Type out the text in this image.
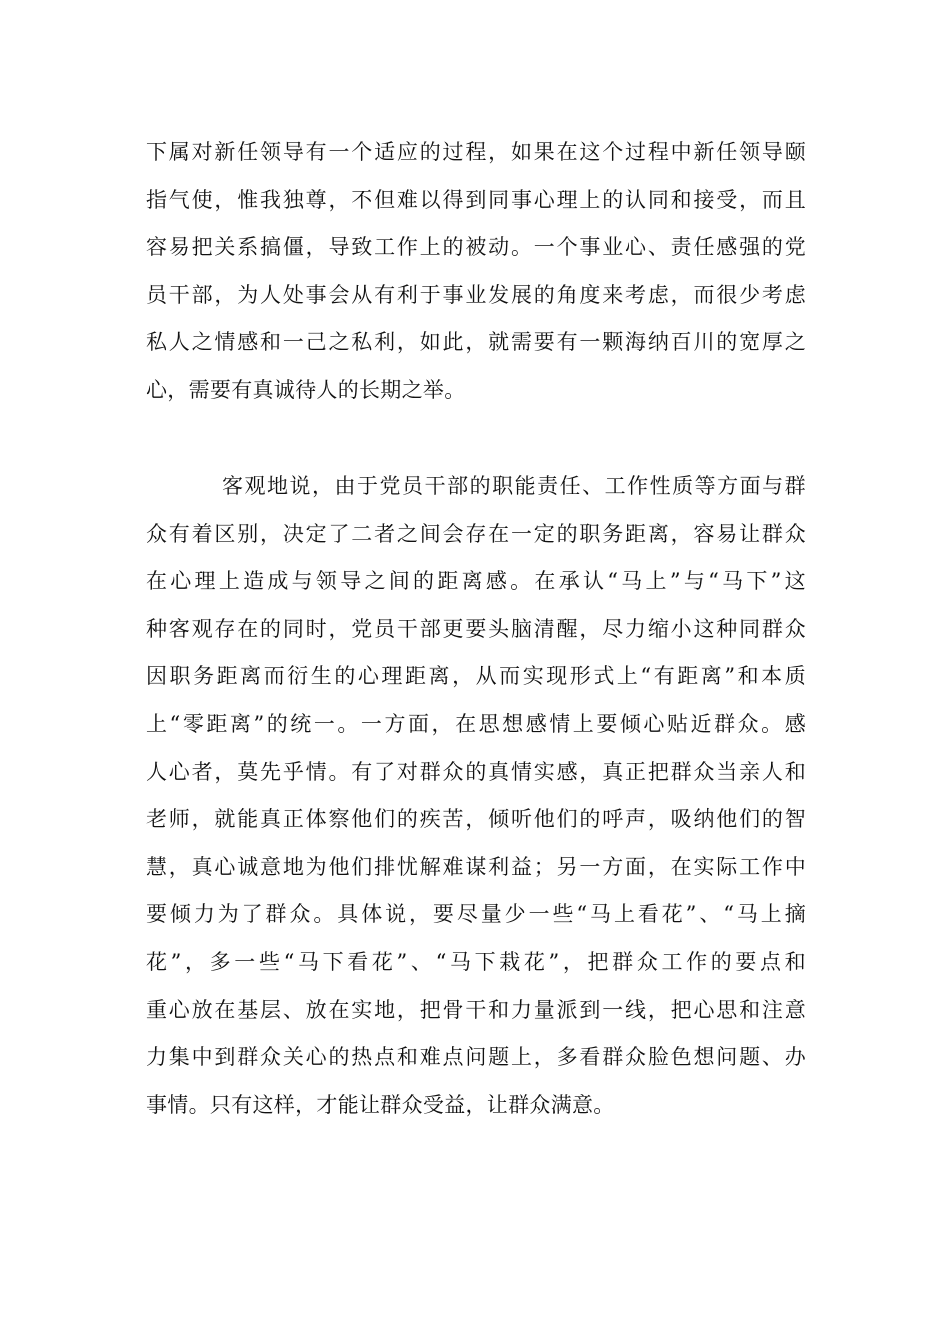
下属对新任领导有一个适应的过程，如果在这个过程中新任领导颐
指气使，惟我独尊，不但难以得到同事心理上的认同和接受，而且
容易把关系搞僵，导致工作上的被动。一个事业心、责任感强的党
员干部，为人处事会从有利于事业发展的角度来考虑，而很少考虑
私人之情感和一己之私利，如此，就需要有一颗海纳百川的宽厚之
心，需要有真诚待人的长期之举。
客观地说，由于党员干部的职能责任、工作性质等方面与群
众有着区别，决定了二者之间会存在一定的职务距离，容易让群众
在心理上造成与领导之间的距离感。在承认“马上”与“马下”这
种客观存在的同时，党员干部更要头脑清醒，尽力缩小这种同群众
因职务距离而衍生的心理距离，从而实现形式上“有距离”和本质
上“零距离”的统一。一方面，在思想感情上要倾心贴近群众。感
人心者，莫先乎情。有了对群众的真情实感，真正把群众当亲人和
老师，就能真正体察他们的疾苦，倾听他们的呼声，吸纳他们的智
慧，真心诚意地为他们排忧解难谋利益；另一方面，在实际工作中
要倾力为了群众。具体说，要尽量少一些“马上看花”、“马上摘
花”，多一些“马下看花”、“马下栽花”，把群众工作的要点和
重心放在基层、放在实地，把骨干和力量派到一线，把心思和注意
力集中到群众关心的热点和难点问题上，多看群众脸色想问题、办
事情。只有这样，才能让群众受益，让群众满意。
